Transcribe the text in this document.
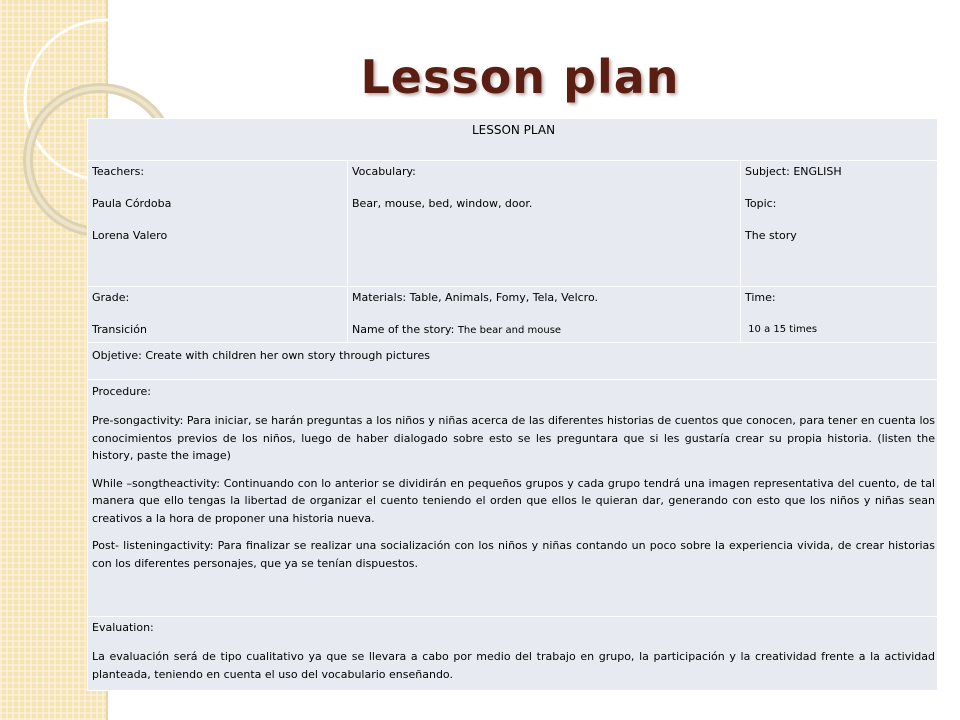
Lesson plan
LESSON PLAN

Teachers:

Paula Córdoba

Lorena Valero

Vocabulary:

Bear, mouse, bed, window, door.

Subject: ENGLISH

Topic:

The story

Grade:

Transición

Materials: Table, Animals, Fomy, Tela, Velcro.

Name of the story: The bear and mouse

Time:

10 a 15 times

Objetive: Create with children her own story through pictures

Procedure:

Pre-songactivity: Para iniciar, se harán preguntas a los niños y niñas acerca de las diferentes historias de cuentos que conocen, para tener en cuenta los conocimientos previos de los niños, luego de haber dialogado sobre esto se les preguntara que si les gustaría crear su propia historia. (listen the history, paste the image)

While –songtheactivity: Continuando con lo anterior se dividirán en pequeños grupos y cada grupo tendrá una imagen representativa del cuento, de tal manera que ello tengas la libertad de organizar el cuento teniendo el orden que ellos le quieran dar, generando con esto que los niños y niñas sean creativos a la hora de proponer una historia nueva.

Post- listeningactivity: Para finalizar se realizar una socialización con los niños y niñas contando un poco sobre la experiencia vivida, de crear historias con los diferentes personajes, que ya se tenían dispuestos.

Evaluation:

La evaluación será de tipo cualitativo ya que se llevara a cabo por medio del trabajo en grupo, la participación y la creatividad frente a la actividad planteada, teniendo en cuenta el uso del vocabulario enseñando.
